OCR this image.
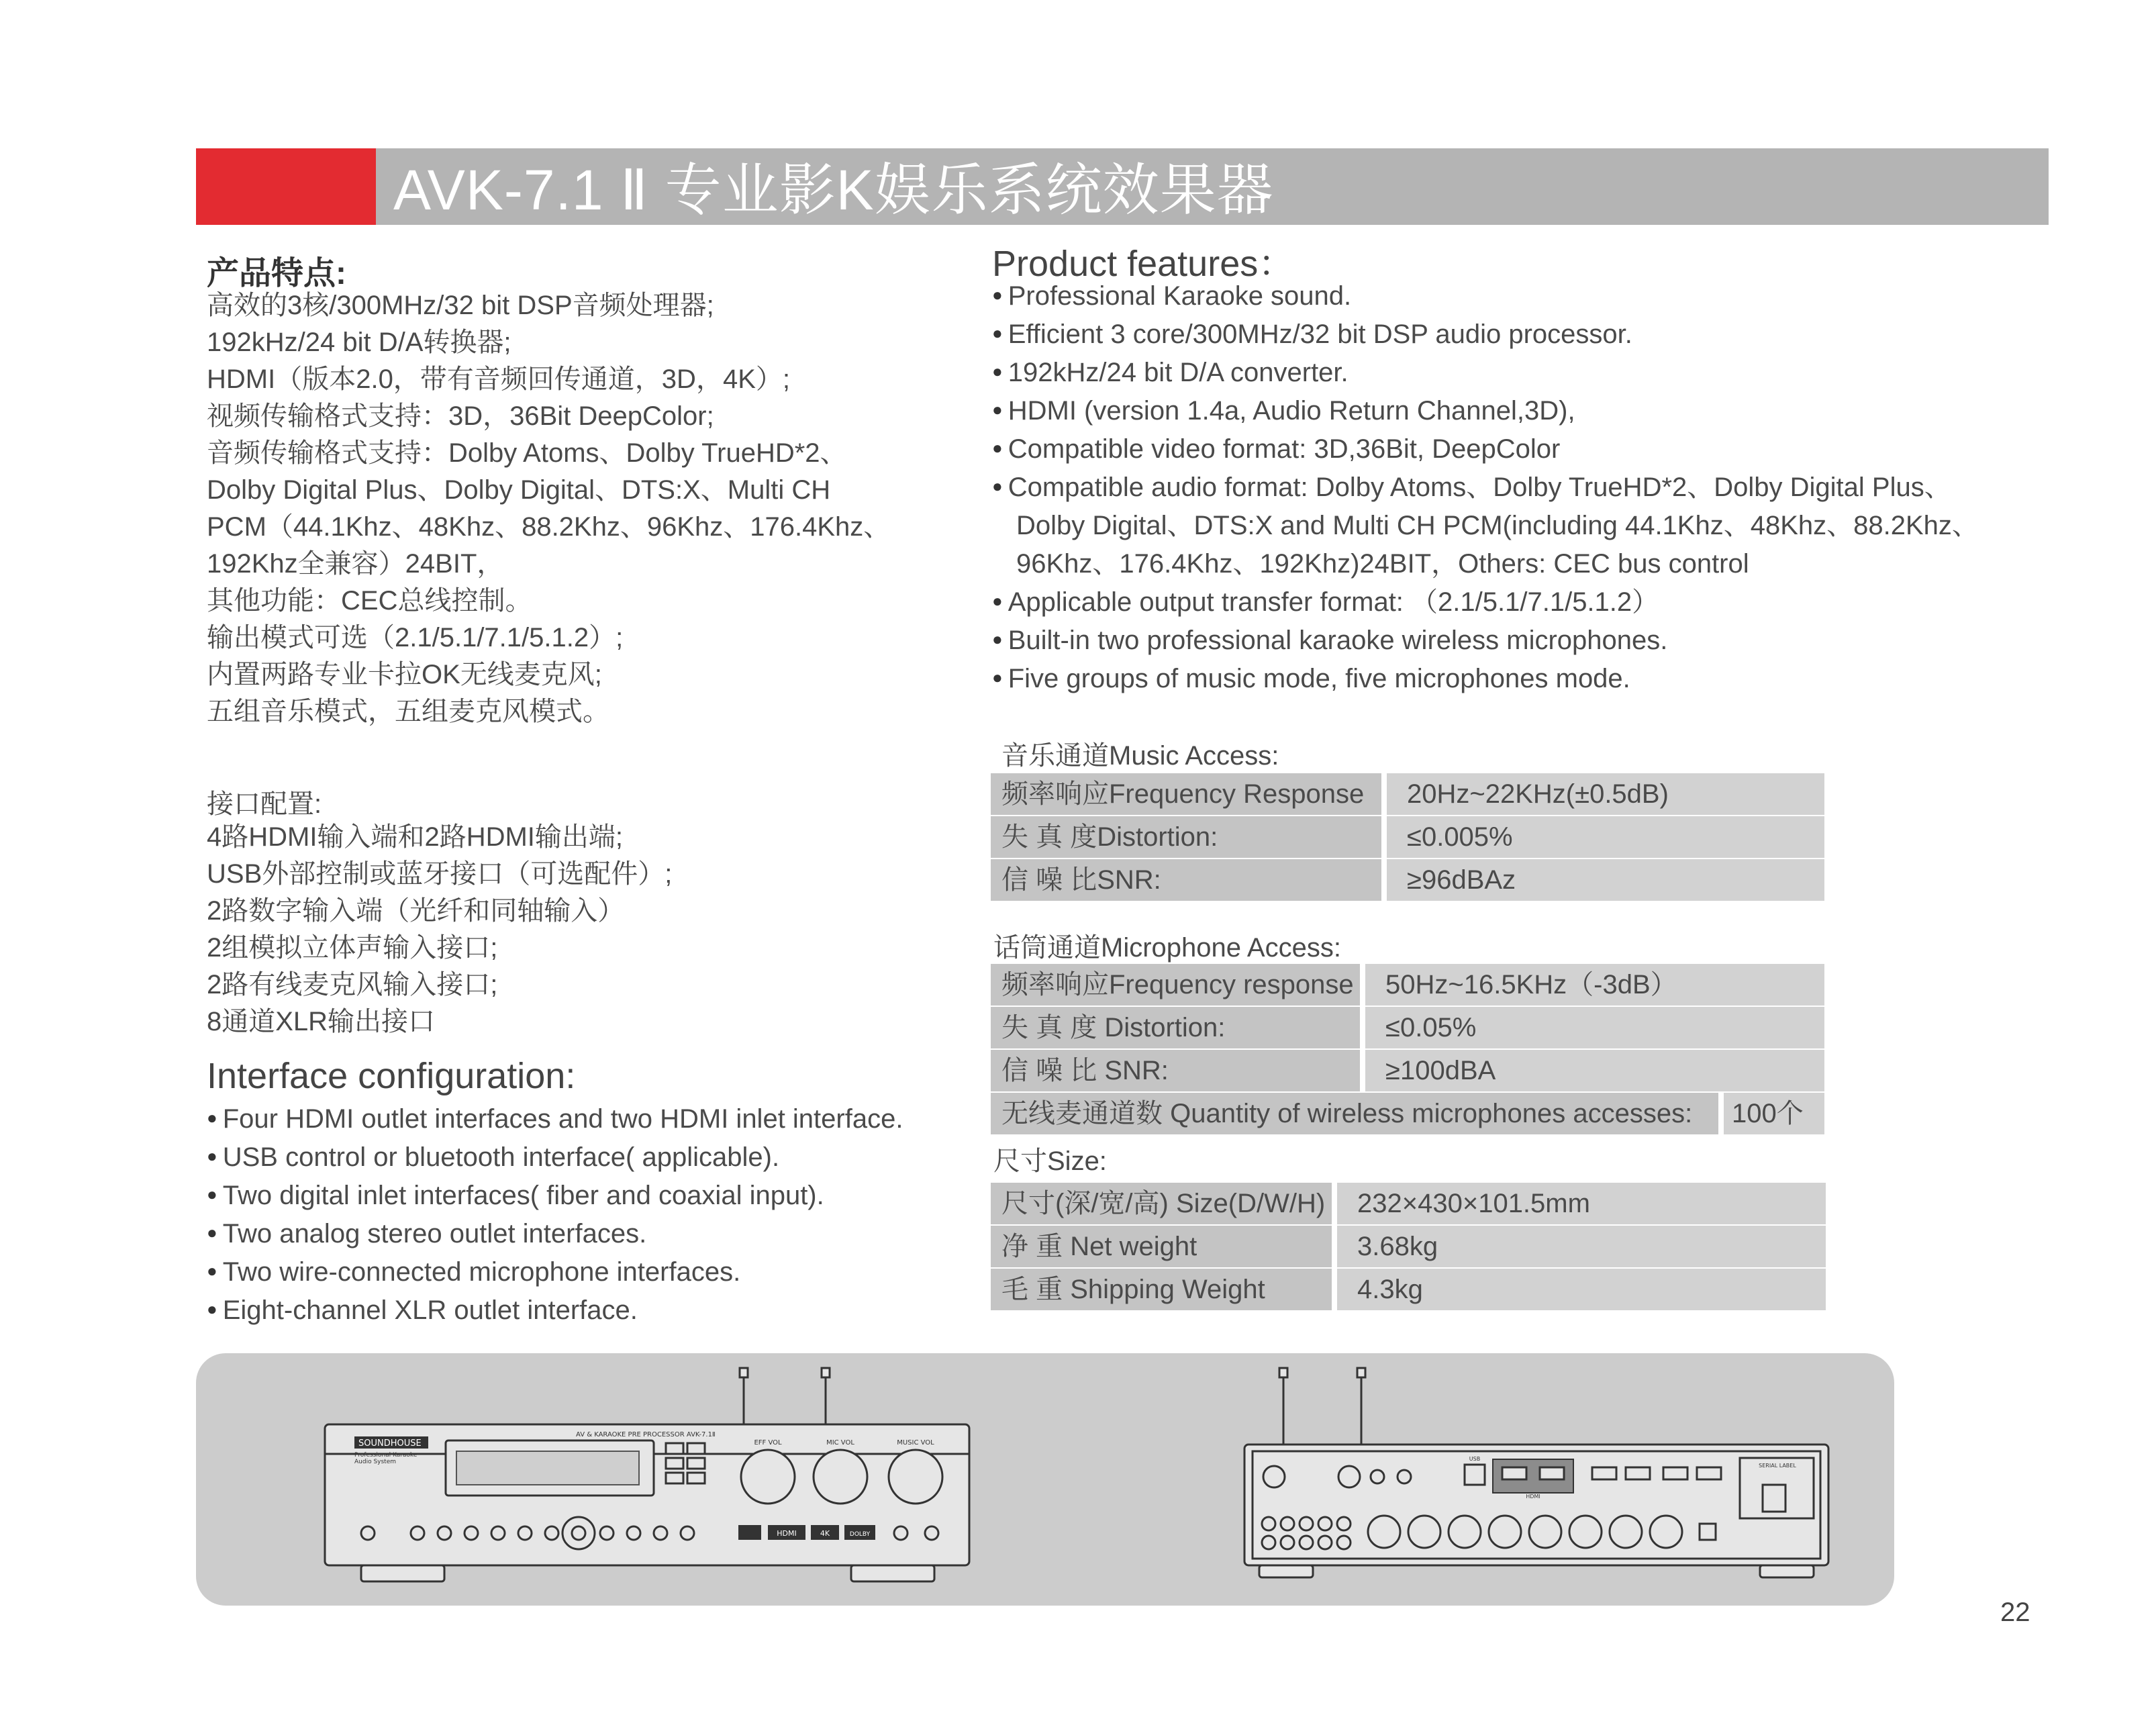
AVK-7.1 Ⅱ 专业影K娱乐系统效果器
产品特点:
高效的3核/300MHz/32 bit DSP音频处理器;
192kHz/24 bit D/A转换器;
HDMI（版本2.0，带有音频回传通道，3D，4K）;
视频传输格式支持：3D，36Bit DeepColor;
音频传输格式支持：Dolby Atoms、Dolby TrueHD*2、
Dolby Digital Plus、Dolby Digital、DTS:X、Multi CH
PCM（44.1Khz、48Khz、88.2Khz、96Khz、176.4Khz、
192Khz全兼容）24BIT，
其他功能：CEC总线控制。
输出模式可选（2.1/5.1/7.1/5.1.2）;
内置两路专业卡拉OK无线麦克风;
五组音乐模式，五组麦克风模式。
接口配置:
4路HDMI输入端和2路HDMI输出端;
USB外部控制或蓝牙接口（可选配件）;
2路数字输入端（光纤和同轴输入）
2组模拟立体声输入接口;
2路有线麦克风输入接口;
8通道XLR输出接口
Interface configuration:
● Four HDMI outlet interfaces and two HDMI inlet interface.
● USB control or bluetooth interface( applicable).
● Two digital inlet interfaces( fiber and coaxial input).
● Two analog stereo outlet interfaces.
● Two wire-connected microphone interfaces.
● Eight-channel XLR outlet interface.
Product features：
● Professional Karaoke sound.
● Efficient 3 core/300MHz/32 bit DSP audio processor.
● 192kHz/24 bit D/A converter.
● HDMI (version 1.4a, Audio Return Channel,3D),
● Compatible video format: 3D,36Bit, DeepColor
● Compatible audio format: Dolby Atoms、Dolby TrueHD*2、Dolby Digital Plus、
Dolby Digital、DTS:X and Multi CH PCM(including 44.1Khz、48Khz、88.2Khz、
96Khz、176.4Khz、192Khz)24BIT，Others: CEC bus control
● Applicable output transfer format: （2.1/5.1/7.1/5.1.2）
● Built-in two professional karaoke wireless microphones.
● Five groups of music mode, five microphones mode.
音乐通道Music Access:
频率响应Frequency Response	20Hz~22KHz(±0.5dB)
失 真 度Distortion:	≤0.005%
信 噪 比SNR:	≥96dBAz
话筒通道Microphone Access:
频率响应Frequency response	50Hz~16.5KHz（-3dB）
失 真 度 Distortion:	≤0.05%
信 噪 比 SNR:	≥100dBA
无线麦通道数 Quantity of wireless microphones accesses:	100个
尺寸Size:
尺寸(深/宽/高) Size(D/W/H)	232×430×101.5mm
净 重 Net weight	3.68kg
毛 重 Shipping Weight	4.3kg
SOUNDHOUSE
Professional Karaoke
Audio System
AV & KARAOKE PRE PROCESSOR AVK-7.1Ⅱ
EFF VOL	MIC VOL	MUSIC VOL
HDMI	4K	DOLBY
USB
HDMI
SERIAL LABEL
22
